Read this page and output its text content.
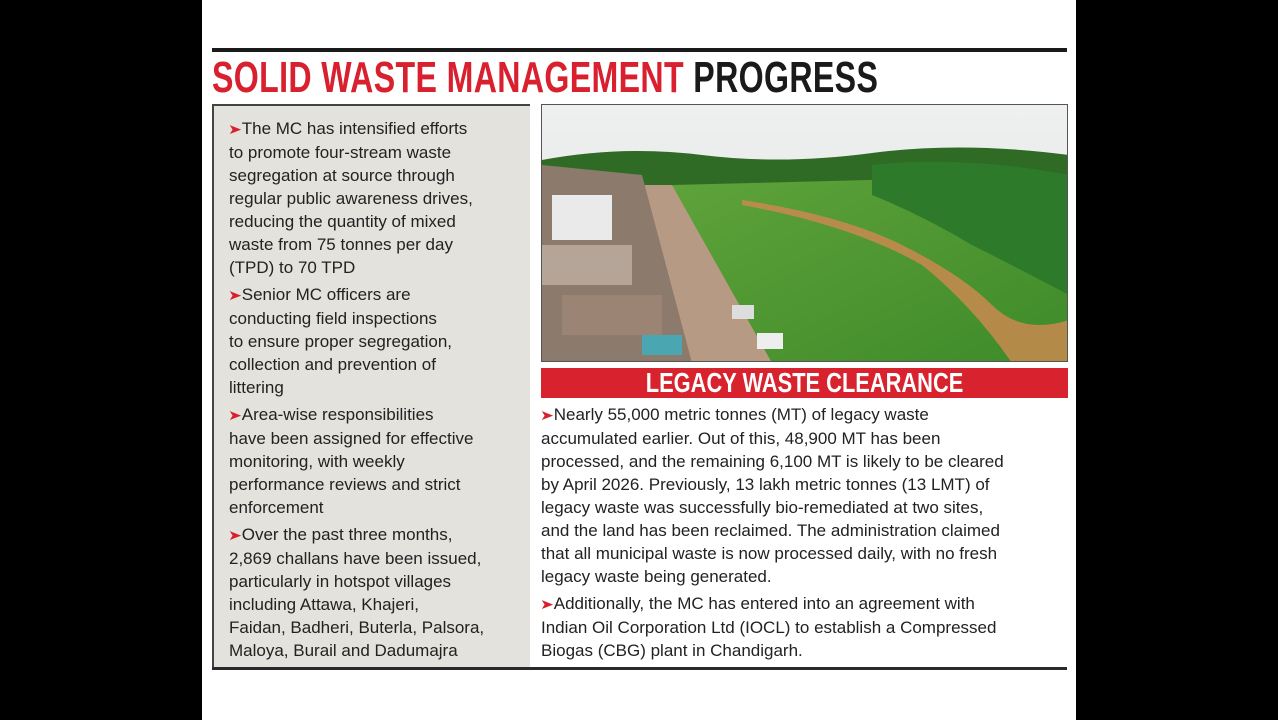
SOLID WASTE MANAGEMENT PROGRESS
➤The MC has intensified efforts
to promote four-stream waste
segregation at source through
regular public awareness drives,
reducing the quantity of mixed
waste from 75 tonnes per day
(TPD) to 70 TPD
➤Senior MC officers are
conducting field inspections
to ensure proper segregation,
collection and prevention of
littering
➤Area-wise responsibilities
have been assigned for effective
monitoring, with weekly
performance reviews and strict
enforcement
➤Over the past three months,
2,869 challans have been issued,
particularly in hotspot villages
including Attawa, Khajeri,
Faidan, Badheri, Buterla, Palsora,
Maloya, Burail and Dadumajra
LEGACY WASTE CLEARANCE
➤Nearly 55,000 metric tonnes (MT) of legacy waste
accumulated earlier. Out of this, 48,900 MT has been
processed, and the remaining 6,100 MT is likely to be cleared
by April 2026. Previously, 13 lakh metric tonnes (13 LMT) of
legacy waste was successfully bio-remediated at two sites,
and the land has been reclaimed. The administration claimed
that all municipal waste is now processed daily, with no fresh
legacy waste being generated.
➤Additionally, the MC has entered into an agreement with
Indian Oil Corporation Ltd (IOCL) to establish a Compressed
Biogas (CBG) plant in Chandigarh.
